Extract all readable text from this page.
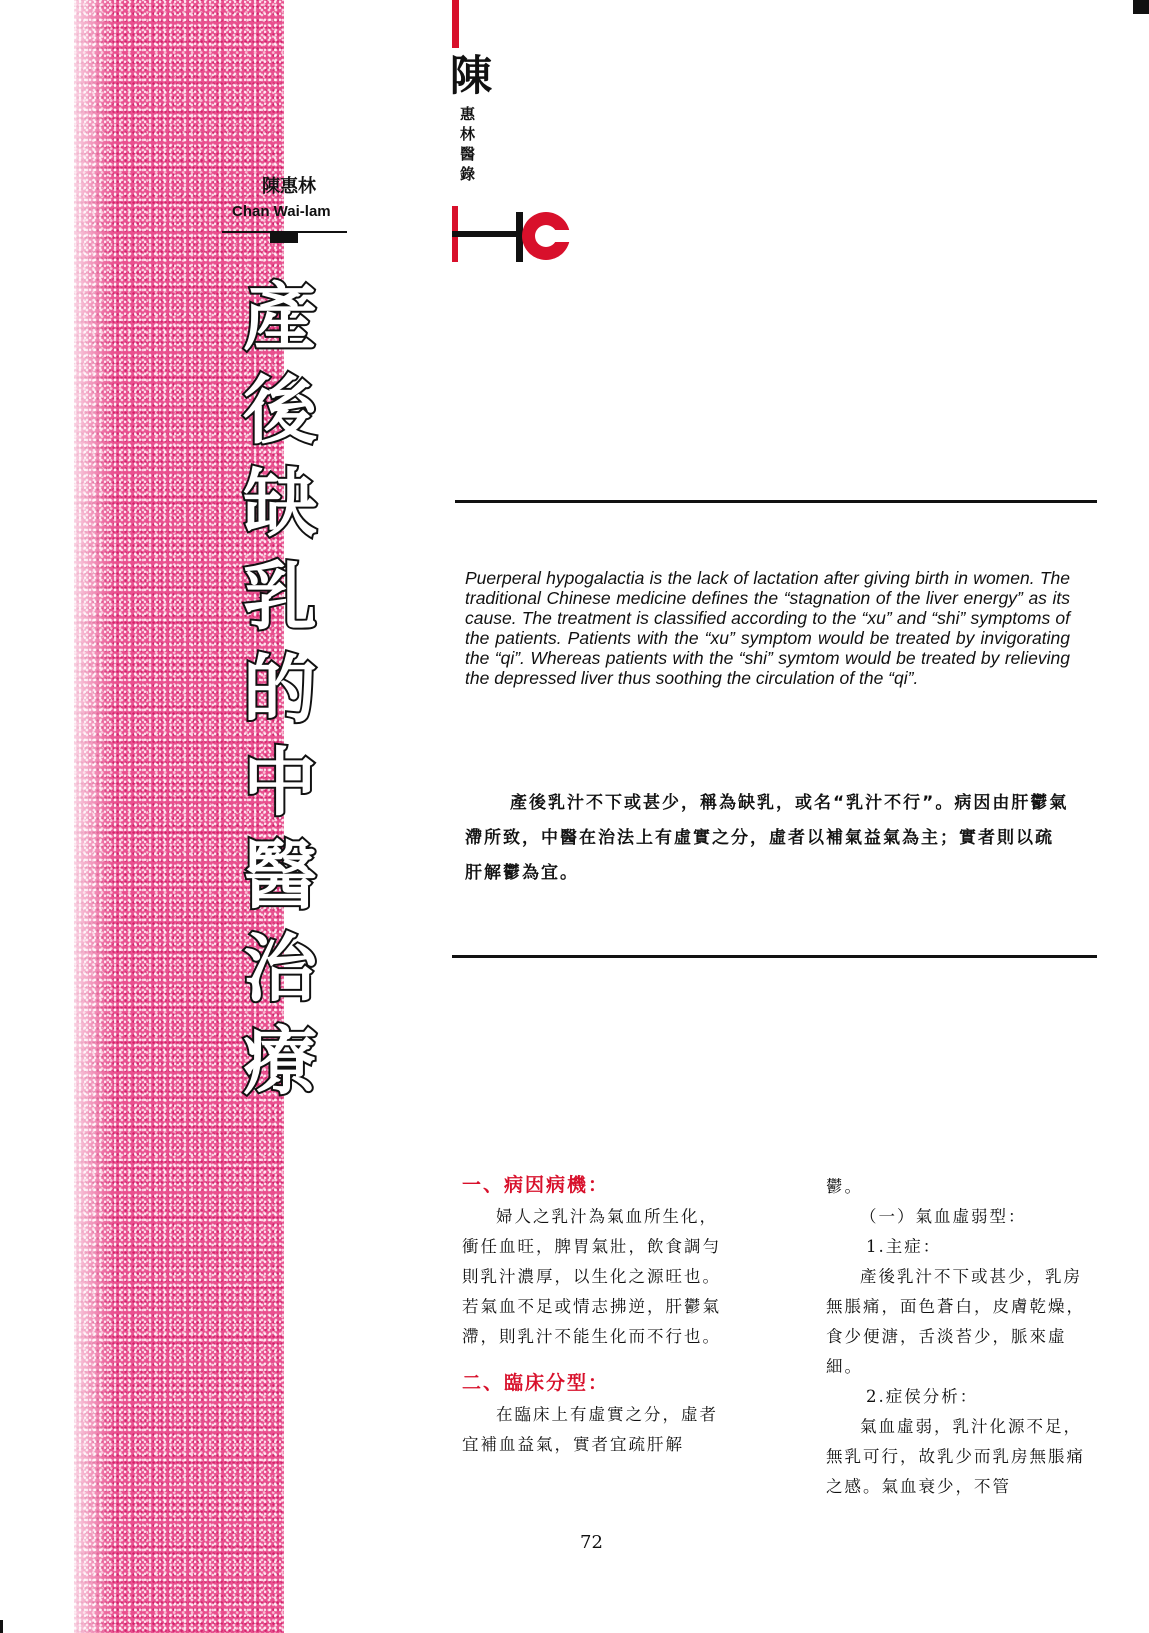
陳惠林
Chan Wai-lam
產
後
缺
乳
的
中
醫
治
療
陳
惠
林
醫
錄
Puerperal hypogalactia is the lack of lactation after giving birth in women. The traditional Chinese medicine defines the “stagnation of the liver energy” as its cause. The treatment is classified according to the “xu” and “shi” symptoms of the patients. Patients with the “xu” symptom would be treated by invigorating the “qi”. Whereas patients with the “shi” symtom would be treated by relieving the depressed liver thus soothing the circulation of the “qi”.

產後乳汁不下或甚少，稱為缺乳，或名“乳汁不行”。病因由肝鬱氣滯所致，中醫在治法上有虛實之分，虛者以補氣益氣為主；實者則以疏肝解鬱為宜。

一、病因病機：

婦人之乳汁為氣血所生化，衝任血旺，脾胃氣壯，飲食調勻則乳汁濃厚，以生化之源旺也。若氣血不足或情志拂逆，肝鬱氣滯，則乳汁不能生化而不行也。

二、臨床分型：

在臨床上有虛實之分，虛者宜補血益氣，實者宜疏肝解

鬱。

（一）氣血虛弱型：

1.主症：

產後乳汁不下或甚少，乳房無脹痛，面色蒼白，皮膚乾燥，食少便溏，舌淡苔少，脈來虛細。

2.症侯分析：

氣血虛弱，乳汁化源不足，無乳可行，故乳少而乳房無脹痛之感。氣血衰少，不管

72
